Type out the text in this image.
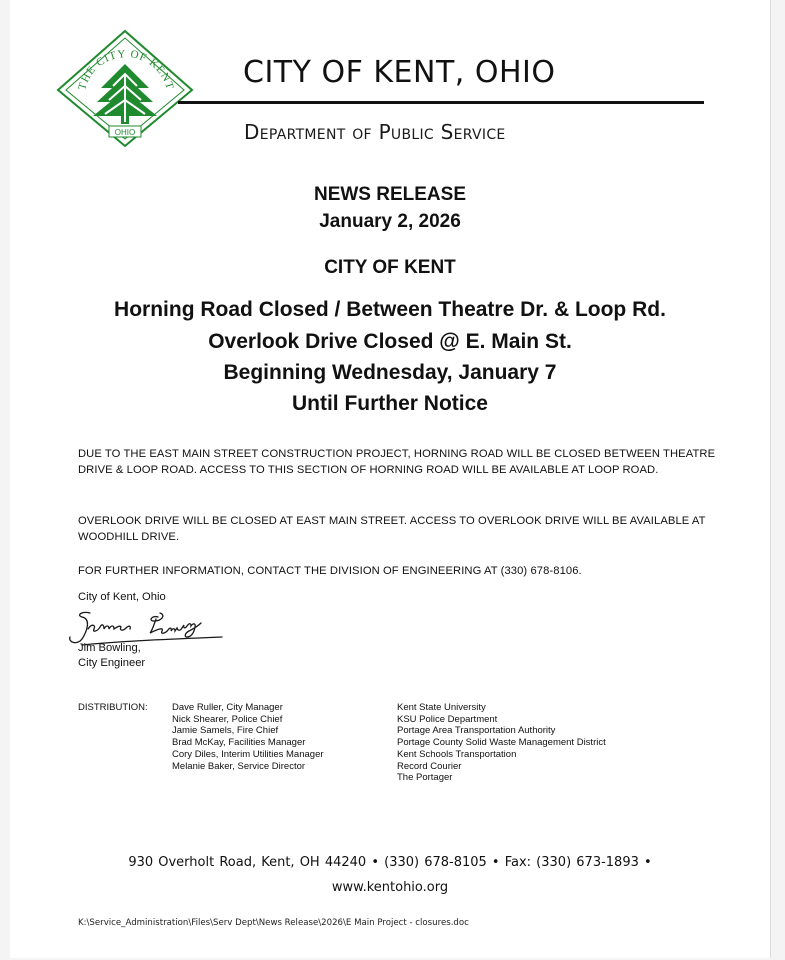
THE CITY OF KENT
OHIO
CITY OF KENT, OHIO
Department of Public Service
NEWS RELEASE
January 2, 2026
CITY OF KENT
Horning Road Closed / Between Theatre Dr. & Loop Rd.
Overlook Drive Closed @ E. Main St.
Beginning Wednesday, January 7
Until Further Notice
DUE TO THE EAST MAIN STREET CONSTRUCTION PROJECT, HORNING ROAD WILL BE CLOSED BETWEEN THEATRE DRIVE & LOOP ROAD. ACCESS TO THIS SECTION OF HORNING ROAD WILL BE AVAILABLE AT LOOP ROAD.
OVERLOOK DRIVE WILL BE CLOSED AT EAST MAIN STREET. ACCESS TO OVERLOOK DRIVE WILL BE AVAILABLE AT WOODHILL DRIVE.
FOR FURTHER INFORMATION, CONTACT THE DIVISION OF ENGINEERING AT (330) 678-8106.
City of Kent, Ohio
Jim Bowling,
City Engineer
DISTRIBUTION:	Dave Ruller, City Manager
Nick Shearer, Police Chief
Jamie Samels, Fire Chief
Brad McKay, Facilities Manager
Cory Diles, Interim Utilities Manager
Melanie Baker, Service Director
Kent State University
KSU Police Department
Portage Area Transportation Authority
Portage County Solid Waste Management District
Kent Schools Transportation
Record Courier
The Portager
930 Overholt Road, Kent, OH 44240 • (330) 678-8105 • Fax: (330) 673-1893 •
www.kentohio.org
K:\Service_Administration\Files\Serv Dept\News Release\2026\E Main Project - closures.doc
